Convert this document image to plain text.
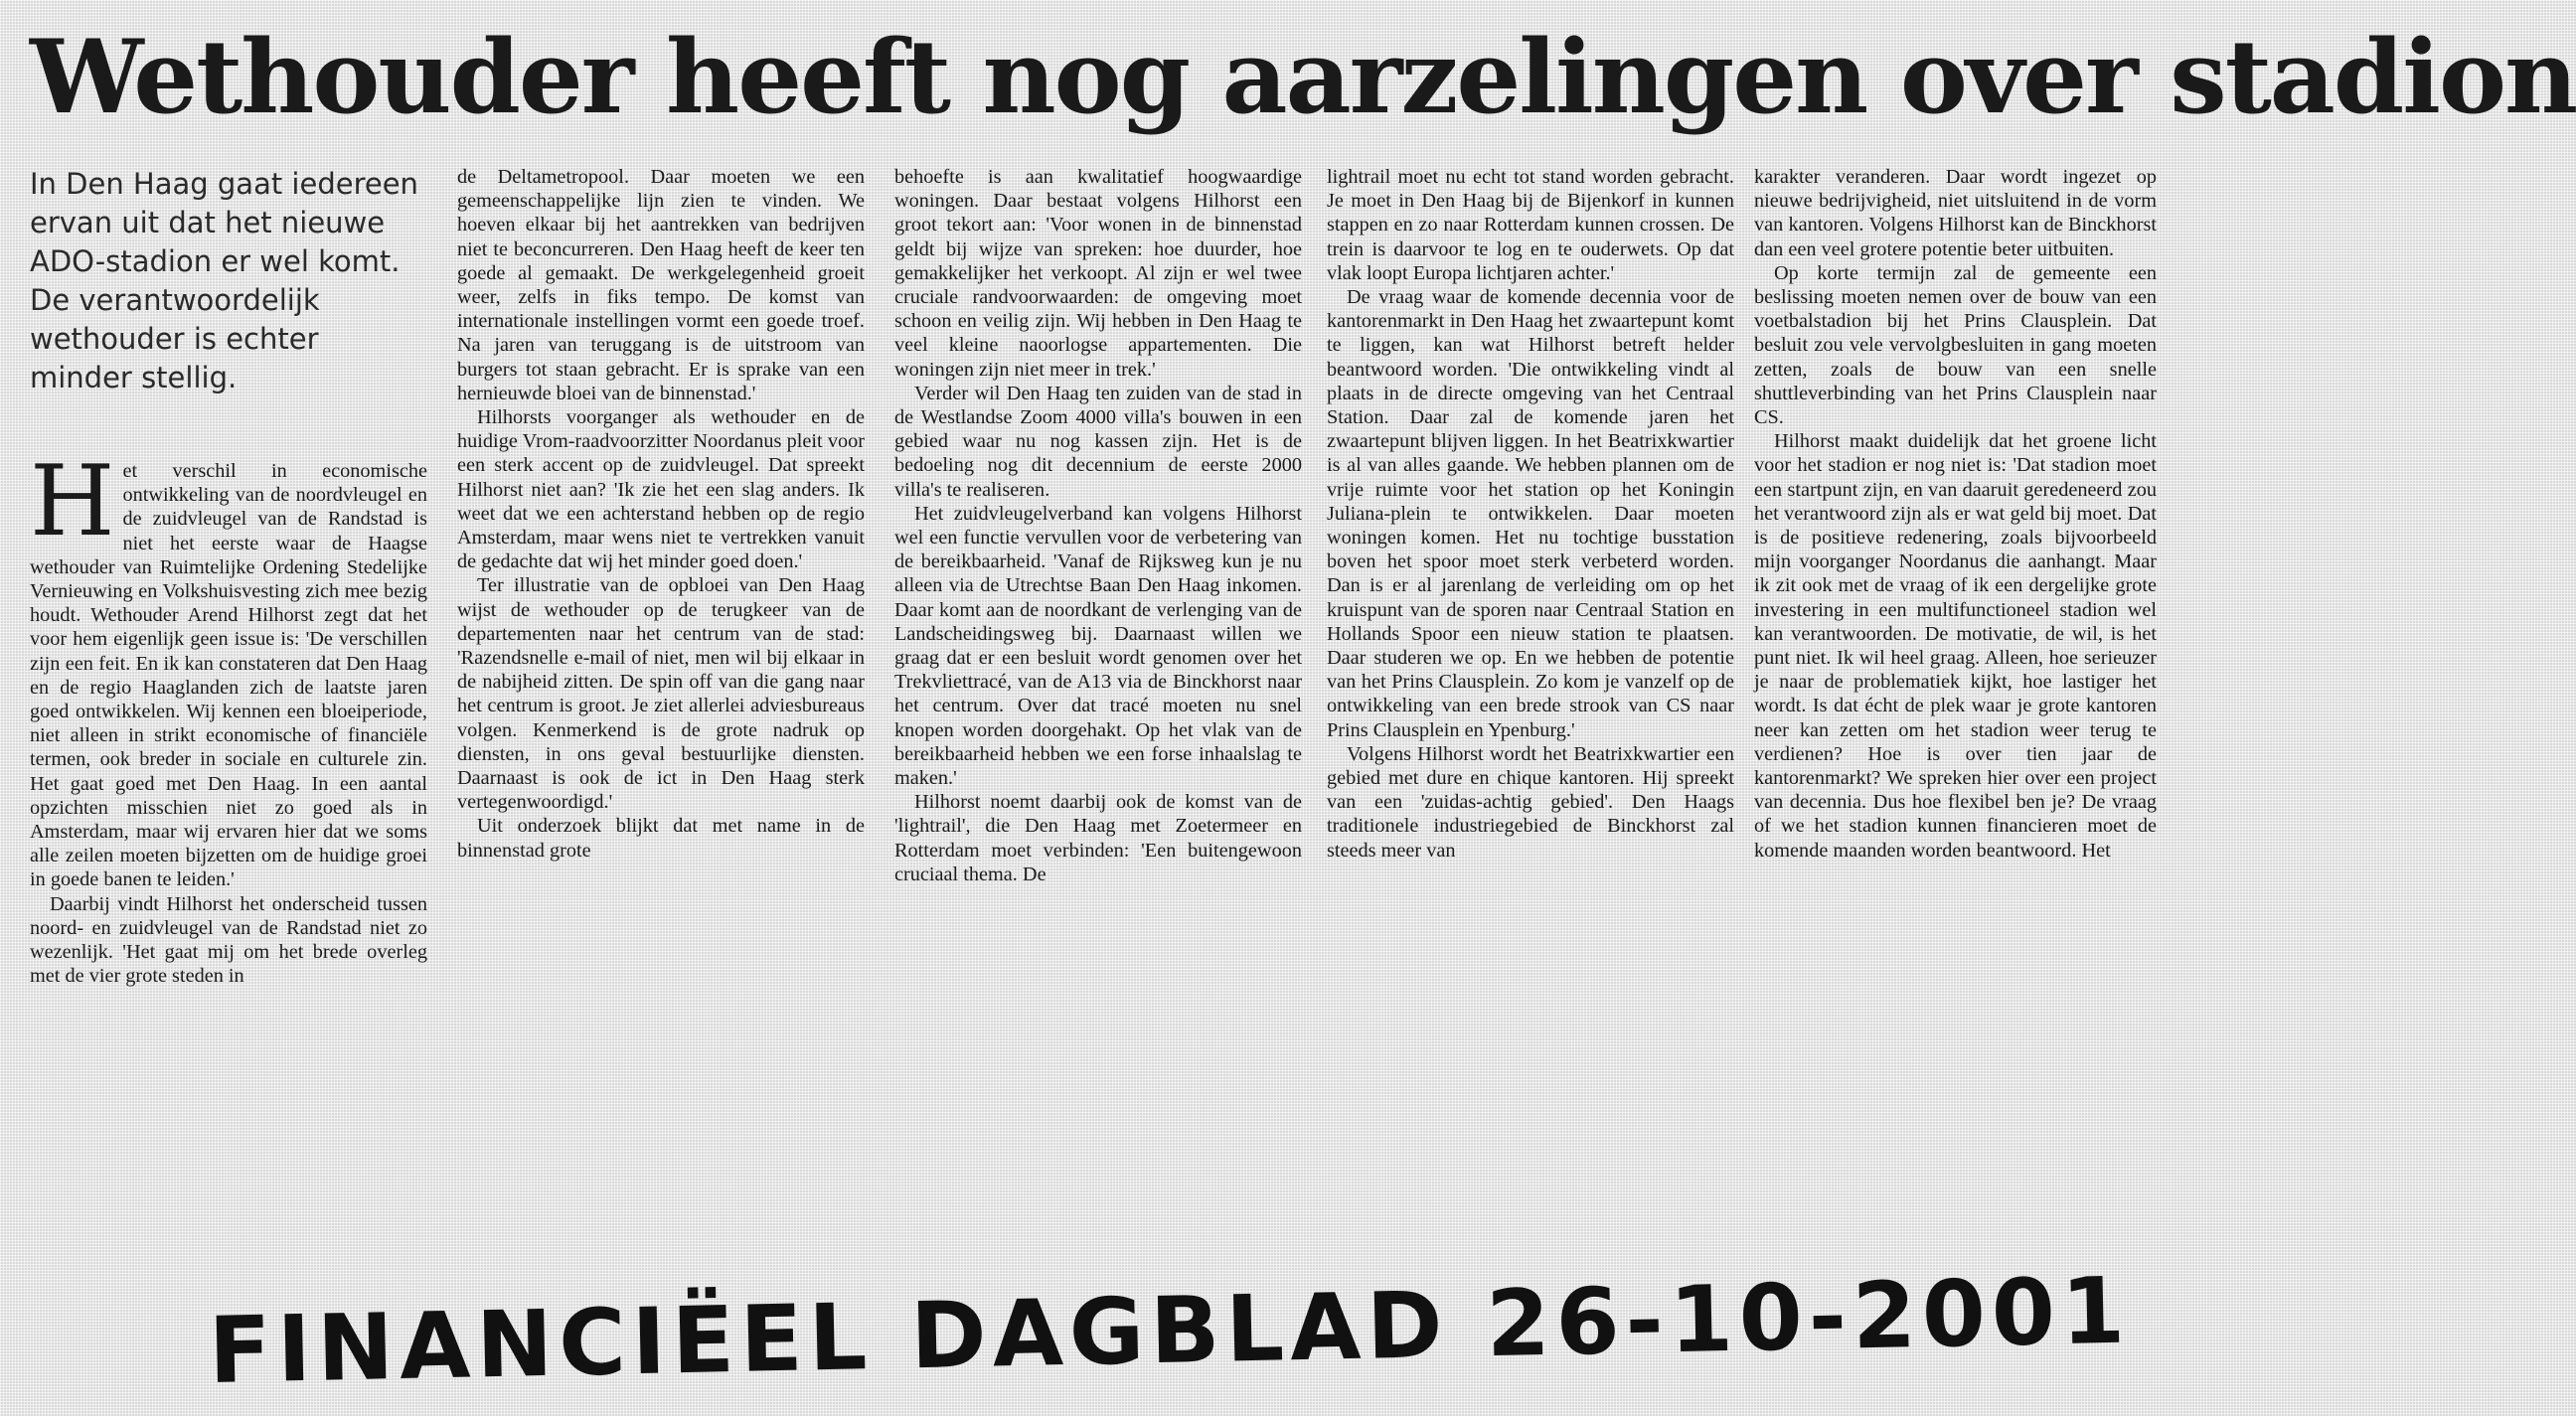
Wethouder heeft nog aarzelingen over stadion

In Den Haag gaat iedereen ervan uit dat het nieuwe ADO-stadion er wel komt. De verantwoordelijk wethouder is echter minder stellig.

H et verschil in economische ontwikkeling van de noordvleugel en de zuidvleugel van de Randstad is niet het eerste waar de Haagse wethouder van Ruimtelijke Ordening Stedelijke Vernieuwing en Volkshuisvesting zich mee bezig houdt. Wethouder Arend Hilhorst zegt dat het voor hem eigenlijk geen issue is: 'De verschillen zijn een feit. En ik kan constateren dat Den Haag en de regio Haaglanden zich de laatste jaren goed ontwikkelen. Wij kennen een bloeiperiode, niet alleen in strikt economische of financiële termen, ook breder in sociale en culturele zin. Het gaat goed met Den Haag. In een aantal opzichten misschien niet zo goed als in Amsterdam, maar wij ervaren hier dat we soms alle zeilen moeten bijzetten om de huidige groei in goede banen te leiden.'

Daarbij vindt Hilhorst het onderscheid tussen noord- en zuidvleugel van de Randstad niet zo wezenlijk. 'Het gaat mij om het brede overleg met de vier grote steden in

de Deltametropool. Daar moeten we een gemeenschappelijke lijn zien te vinden. We hoeven elkaar bij het aantrekken van bedrijven niet te beconcurreren. Den Haag heeft de keer ten goede al gemaakt. De werkgelegenheid groeit weer, zelfs in fiks tempo. De komst van internationale instellingen vormt een goede troef. Na jaren van teruggang is de uitstroom van burgers tot staan gebracht. Er is sprake van een hernieuwde bloei van de binnenstad.'

Hilhorsts voorganger als wethouder en de huidige Vrom-raadvoorzitter Noordanus pleit voor een sterk accent op de zuidvleugel. Dat spreekt Hilhorst niet aan? 'Ik zie het een slag anders. Ik weet dat we een achterstand hebben op de regio Amsterdam, maar wens niet te vertrekken vanuit de gedachte dat wij het minder goed doen.'

Ter illustratie van de opbloei van Den Haag wijst de wethouder op de terugkeer van de departementen naar het centrum van de stad: 'Razendsnelle e-mail of niet, men wil bij elkaar in de nabijheid zitten. De spin off van die gang naar het centrum is groot. Je ziet allerlei adviesbureaus volgen. Kenmerkend is de grote nadruk op diensten, in ons geval bestuurlijke diensten. Daarnaast is ook de ict in Den Haag sterk vertegenwoordigd.'

Uit onderzoek blijkt dat met name in de binnenstad grote

behoefte is aan kwalitatief hoogwaardige woningen. Daar bestaat volgens Hilhorst een groot tekort aan: 'Voor wonen in de binnenstad geldt bij wijze van spreken: hoe duurder, hoe gemakkelijker het verkoopt. Al zijn er wel twee cruciale randvoorwaarden: de omgeving moet schoon en veilig zijn. Wij hebben in Den Haag te veel kleine naoorlogse appartementen. Die woningen zijn niet meer in trek.'

Verder wil Den Haag ten zuiden van de stad in de Westlandse Zoom 4000 villa's bouwen in een gebied waar nu nog kassen zijn. Het is de bedoeling nog dit decennium de eerste 2000 villa's te realiseren.

Het zuidvleugelverband kan volgens Hilhorst wel een functie vervullen voor de verbetering van de bereikbaarheid. 'Vanaf de Rijksweg kun je nu alleen via de Utrechtse Baan Den Haag inkomen. Daar komt aan de noordkant de verlenging van de Landscheidingsweg bij. Daarnaast willen we graag dat er een besluit wordt genomen over het Trekvliettracé, van de A13 via de Binckhorst naar het centrum. Over dat tracé moeten nu snel knopen worden doorgehakt. Op het vlak van de bereikbaarheid hebben we een forse inhaalslag te maken.'

Hilhorst noemt daarbij ook de komst van de 'lightrail', die Den Haag met Zoetermeer en Rotterdam moet verbinden: 'Een buitengewoon cruciaal thema. De

lightrail moet nu echt tot stand worden gebracht. Je moet in Den Haag bij de Bijenkorf in kunnen stappen en zo naar Rotterdam kunnen crossen. De trein is daarvoor te log en te ouderwets. Op dat vlak loopt Europa lichtjaren achter.'

De vraag waar de komende decennia voor de kantorenmarkt in Den Haag het zwaartepunt komt te liggen, kan wat Hilhorst betreft helder beantwoord worden. 'Die ontwikkeling vindt al plaats in de directe omgeving van het Centraal Station. Daar zal de komende jaren het zwaartepunt blijven liggen. In het Beatrixkwartier is al van alles gaande. We hebben plannen om de vrije ruimte voor het station op het Koningin Juliana-plein te ontwikkelen. Daar moeten woningen komen. Het nu tochtige busstation boven het spoor moet sterk verbeterd worden. Dan is er al jarenlang de verleiding om op het kruispunt van de sporen naar Centraal Station en Hollands Spoor een nieuw station te plaatsen. Daar studeren we op. En we hebben de potentie van het Prins Clausplein. Zo kom je vanzelf op de ontwikkeling van een brede strook van CS naar Prins Clausplein en Ypenburg.'

Volgens Hilhorst wordt het Beatrixkwartier een gebied met dure en chique kantoren. Hij spreekt van een 'zuidas-achtig gebied'. Den Haags traditionele industriegebied de Binckhorst zal steeds meer van

karakter veranderen. Daar wordt ingezet op nieuwe bedrijvigheid, niet uitsluitend in de vorm van kantoren. Volgens Hilhorst kan de Binckhorst dan een veel grotere potentie beter uitbuiten.

Op korte termijn zal de gemeente een beslissing moeten nemen over de bouw van een voetbalstadion bij het Prins Clausplein. Dat besluit zou vele vervolgbesluiten in gang moeten zetten, zoals de bouw van een snelle shuttleverbinding van het Prins Clausplein naar CS.

Hilhorst maakt duidelijk dat het groene licht voor het stadion er nog niet is: 'Dat stadion moet een startpunt zijn, en van daaruit geredeneerd zou het verantwoord zijn als er wat geld bij moet. Dat is de positieve redenering, zoals bijvoorbeeld mijn voorganger Noordanus die aanhangt. Maar ik zit ook met de vraag of ik een dergelijke grote investering in een multifunctioneel stadion wel kan verantwoorden. De motivatie, de wil, is het punt niet. Ik wil heel graag. Alleen, hoe serieuzer je naar de problematiek kijkt, hoe lastiger het wordt. Is dat écht de plek waar je grote kantoren neer kan zetten om het stadion weer terug te verdienen? Hoe is over tien jaar de kantorenmarkt? We spreken hier over een project van decennia. Dus hoe flexibel ben je? De vraag of we het stadion kunnen financieren moet de komende maanden worden beantwoord. Het

FINANCIËEL DAGBLAD 26-10-2001
